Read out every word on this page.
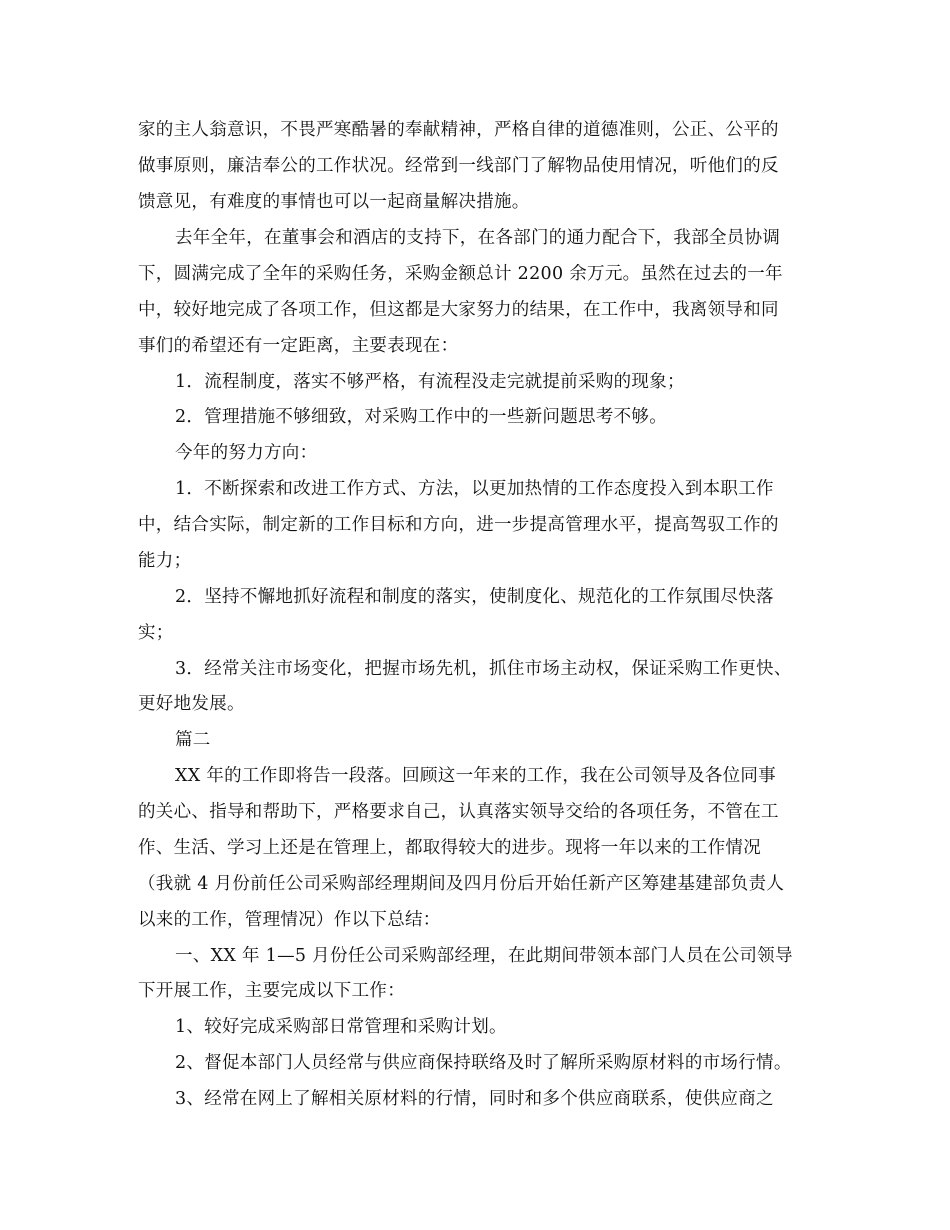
家的主人翁意识，不畏严寒酷暑的奉献精神，严格自律的道德准则，公正、公平的
做事原则，廉洁奉公的工作状况。经常到一线部门了解物品使用情况，听他们的反
馈意见，有难度的事情也可以一起商量解决措施。
去年全年，在董事会和酒店的支持下，在各部门的通力配合下，我部全员协调
下，圆满完成了全年的采购任务，采购金额总计 2200 余万元。虽然在过去的一年
中，较好地完成了各项工作，但这都是大家努力的结果，在工作中，我离领导和同
事们的希望还有一定距离，主要表现在：
1．流程制度，落实不够严格，有流程没走完就提前采购的现象；
2．管理措施不够细致，对采购工作中的一些新问题思考不够。
今年的努力方向：
1．不断探索和改进工作方式、方法，以更加热情的工作态度投入到本职工作
中，结合实际，制定新的工作目标和方向，进一步提高管理水平，提高驾驭工作的
能力；
2．坚持不懈地抓好流程和制度的落实，使制度化、规范化的工作氛围尽快落
实；
3．经常关注市场变化，把握市场先机，抓住市场主动权，保证采购工作更快、
更好地发展。
篇二
XX 年的工作即将告一段落。回顾这一年来的工作，我在公司领导及各位同事
的关心、指导和帮助下，严格要求自己，认真落实领导交给的各项任务，不管在工
作、生活、学习上还是在管理上，都取得较大的进步。现将一年以来的工作情况
（我就 4 月份前任公司采购部经理期间及四月份后开始任新产区筹建基建部负责人
以来的工作，管理情况）作以下总结：
一、XX 年 1—5 月份任公司采购部经理，在此期间带领本部门人员在公司领导
下开展工作，主要完成以下工作：
1、较好完成采购部日常管理和采购计划。
2、督促本部门人员经常与供应商保持联络及时了解所采购原材料的市场行情。
3、经常在网上了解相关原材料的行情，同时和多个供应商联系，使供应商之
